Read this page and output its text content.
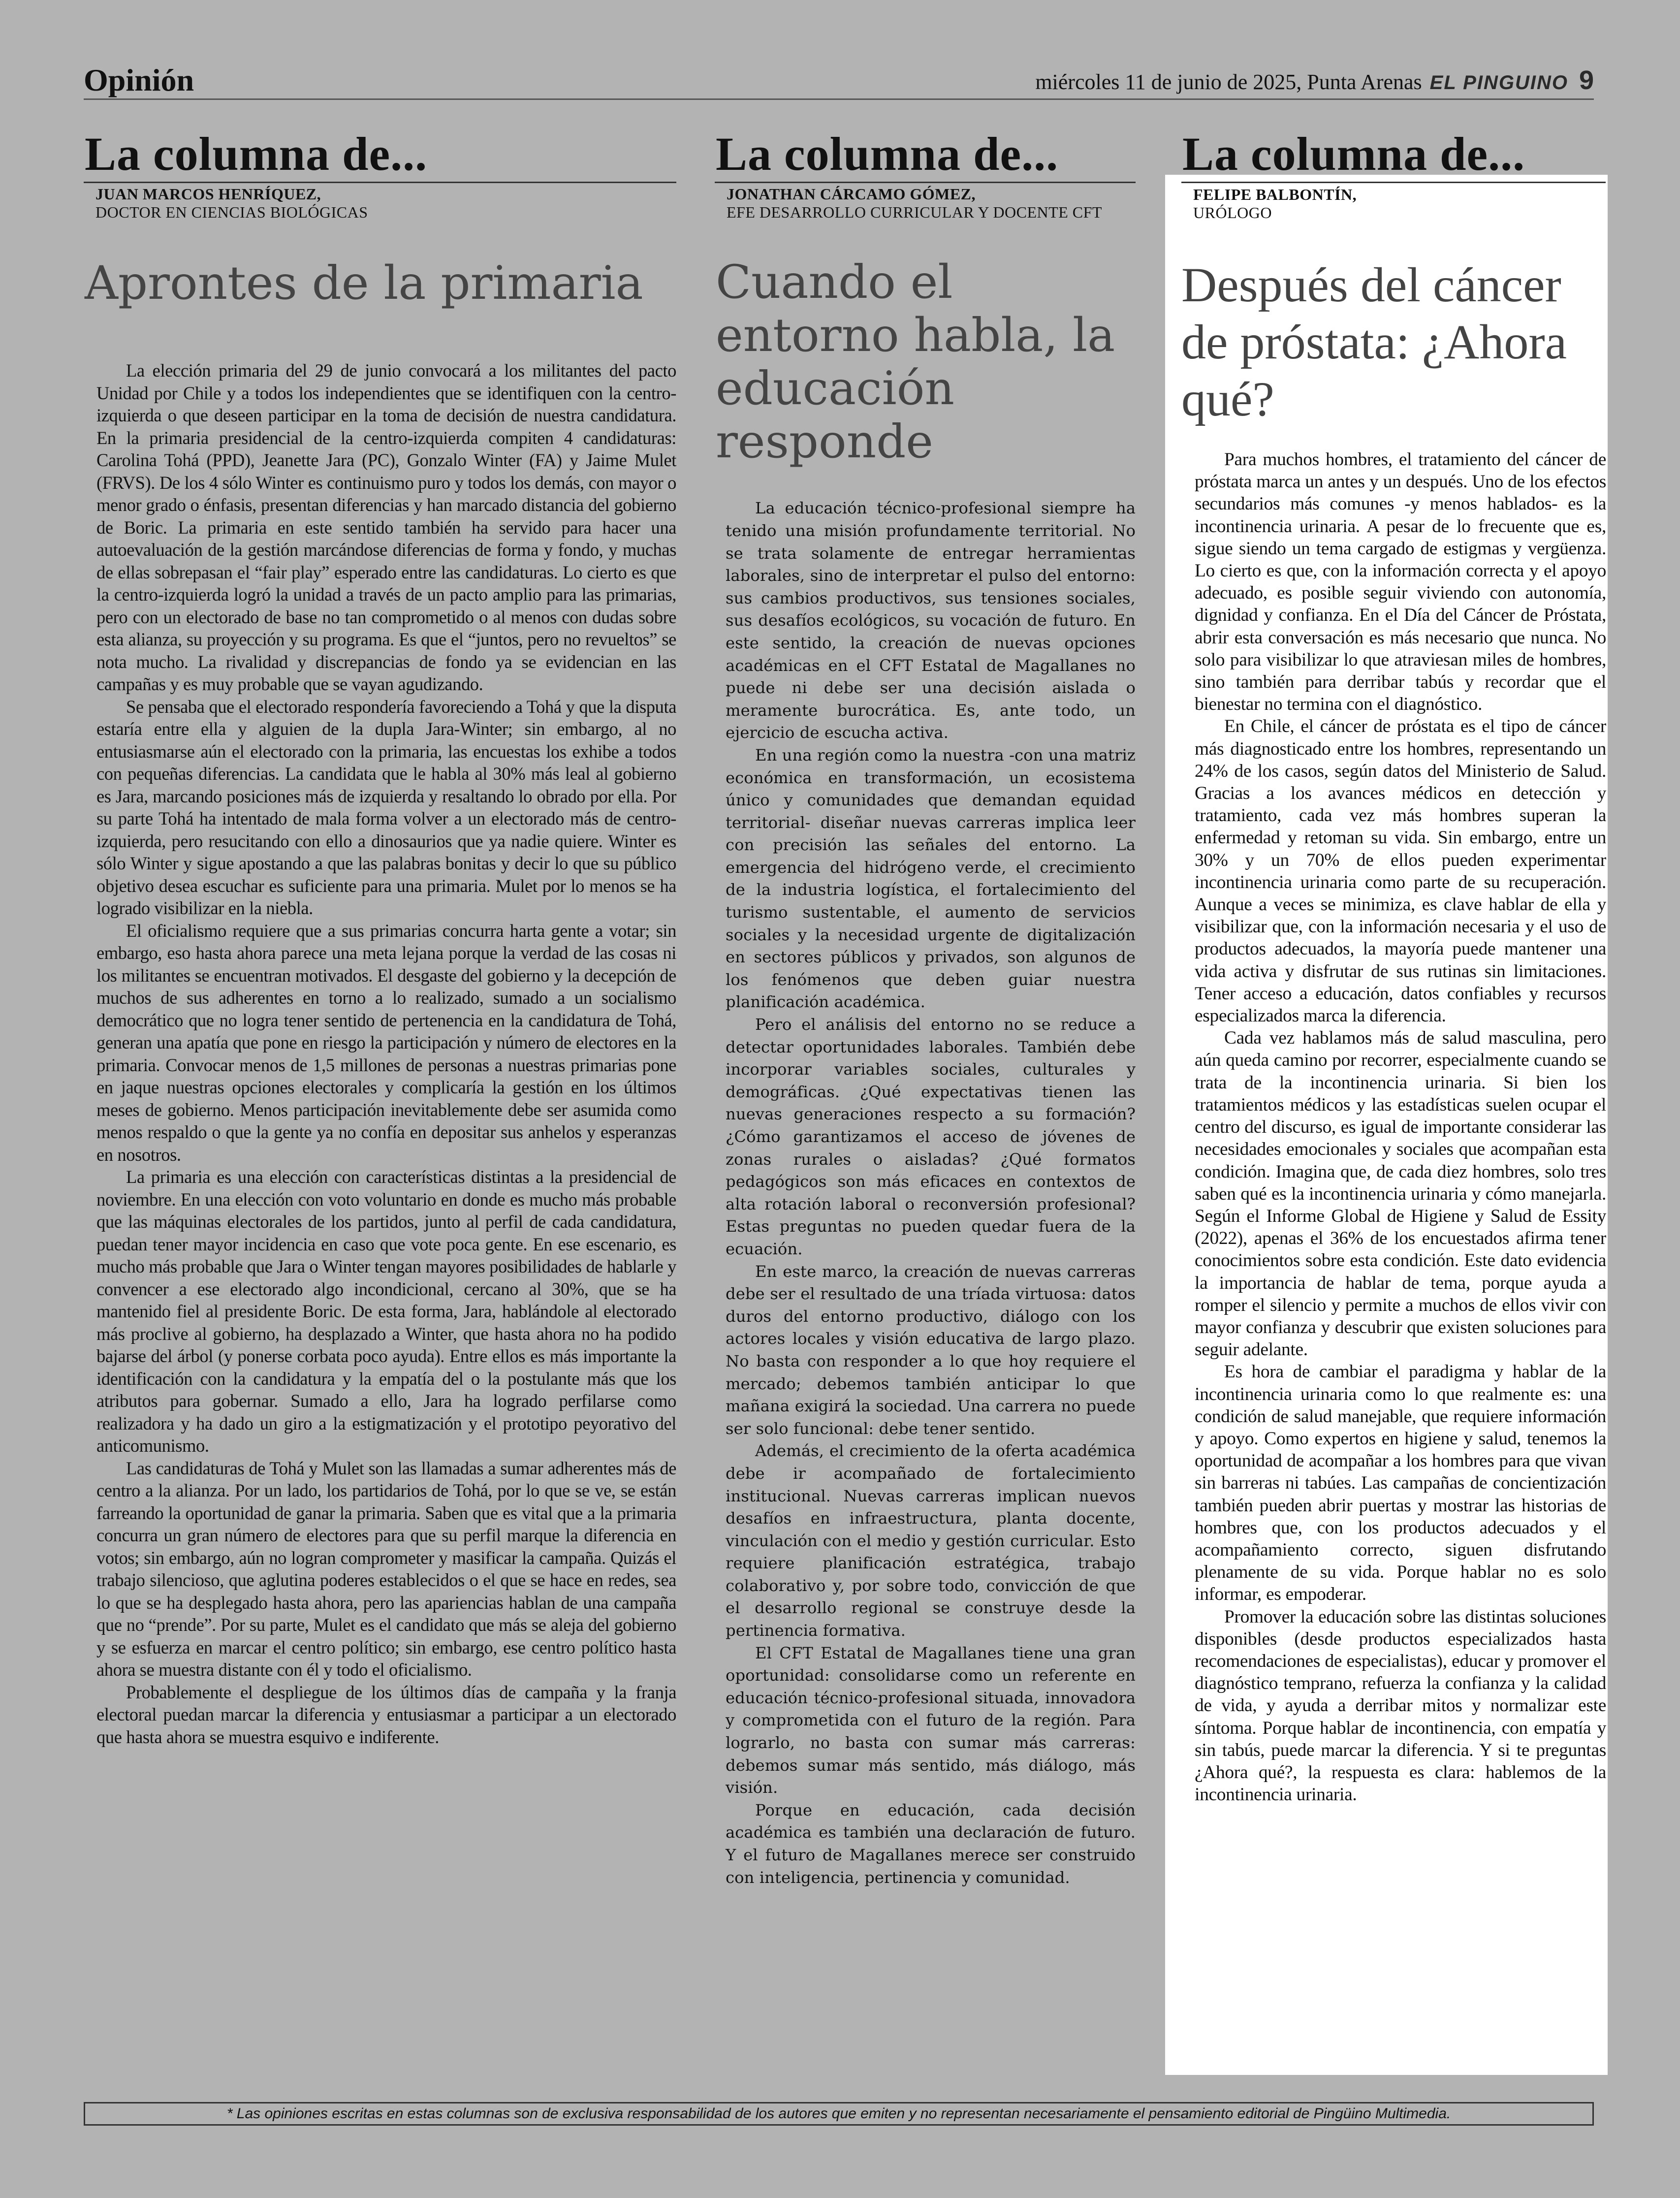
Opinión	miércoles 11 de junio de 2025, Punta Arenas EL PINGUINO 9
La columna de...
JUAN MARCOS HENRÍQUEZ,
DOCTOR EN CIENCIAS BIOLÓGICAS
Aprontes de la primaria

La elección primaria del 29 de junio convocará a los militantes del pacto Unidad por Chile y a todos los independientes que se identifiquen con la centro-izquierda o que deseen participar en la toma de decisión de nuestra candidatura. En la primaria presidencial de la centro-izquierda compiten 4 candidaturas: Carolina Tohá (PPD), Jeanette Jara (PC), Gonzalo Winter (FA) y Jaime Mulet (FRVS). De los 4 sólo Winter es continuismo puro y todos los demás, con mayor o menor grado o énfasis, presentan diferencias y han marcado distancia del gobierno de Boric. La primaria en este sentido también ha servido para hacer una autoevaluación de la gestión marcándose diferencias de forma y fondo, y muchas de ellas sobrepasan el “fair play” esperado entre las candidaturas. Lo cierto es que la centro-izquierda logró la unidad a través de un pacto amplio para las primarias, pero con un electorado de base no tan comprometido o al menos con dudas sobre esta alianza, su proyección y su programa. Es que el “juntos, pero no revueltos” se nota mucho. La rivalidad y discrepancias de fondo ya se evidencian en las campañas y es muy probable que se vayan agudizando.

Se pensaba que el electorado respondería favoreciendo a Tohá y que la disputa estaría entre ella y alguien de la dupla Jara-Winter; sin embargo, al no entusiasmarse aún el electorado con la primaria, las encuestas los exhibe a todos con pequeñas diferencias. La candidata que le habla al 30% más leal al gobierno es Jara, marcando posiciones más de izquierda y resaltando lo obrado por ella. Por su parte Tohá ha intentado de mala forma volver a un electorado más de centro-izquierda, pero resucitando con ello a dinosaurios que ya nadie quiere. Winter es sólo Winter y sigue apostando a que las palabras bonitas y decir lo que su público objetivo desea escuchar es suficiente para una primaria. Mulet por lo menos se ha logrado visibilizar en la niebla.

El oficialismo requiere que a sus primarias concurra harta gente a votar; sin embargo, eso hasta ahora parece una meta lejana porque la verdad de las cosas ni los militantes se encuentran motivados. El desgaste del gobierno y la decepción de muchos de sus adherentes en torno a lo realizado, sumado a un socialismo democrático que no logra tener sentido de pertenencia en la candidatura de Tohá, generan una apatía que pone en riesgo la participación y número de electores en la primaria. Convocar menos de 1,5 millones de personas a nuestras primarias pone en jaque nuestras opciones electorales y complicaría la gestión en los últimos meses de gobierno. Menos participación inevitablemente debe ser asumida como menos respaldo o que la gente ya no confía en depositar sus anhelos y esperanzas en nosotros.

La primaria es una elección con características distintas a la presidencial de noviembre. En una elección con voto voluntario en donde es mucho más probable que las máquinas electorales de los partidos, junto al perfil de cada candidatura, puedan tener mayor incidencia en caso que vote poca gente. En ese escenario, es mucho más probable que Jara o Winter tengan mayores posibilidades de hablarle y convencer a ese electorado algo incondicional, cercano al 30%, que se ha mantenido fiel al presidente Boric. De esta forma, Jara, hablándole al electorado más proclive al gobierno, ha desplazado a Winter, que hasta ahora no ha podido bajarse del árbol (y ponerse corbata poco ayuda). Entre ellos es más importante la identificación con la candidatura y la empatía del o la postulante más que los atributos para gobernar. Sumado a ello, Jara ha logrado perfilarse como realizadora y ha dado un giro a la estigmatización y el prototipo peyorativo del anticomunismo.

Las candidaturas de Tohá y Mulet son las llamadas a sumar adherentes más de centro a la alianza. Por un lado, los partidarios de Tohá, por lo que se ve, se están farreando la oportunidad de ganar la primaria. Saben que es vital que a la primaria concurra un gran número de electores para que su perfil marque la diferencia en votos; sin embargo, aún no logran comprometer y masificar la campaña. Quizás el trabajo silencioso, que aglutina poderes establecidos o el que se hace en redes, sea lo que se ha desplegado hasta ahora, pero las apariencias hablan de una campaña que no “prende”. Por su parte, Mulet es el candidato que más se aleja del gobierno y se esfuerza en marcar el centro político; sin embargo, ese centro político hasta ahora se muestra distante con él y todo el oficialismo.

Probablemente el despliegue de los últimos días de campaña y la franja electoral puedan marcar la diferencia y entusiasmar a participar a un electorado que hasta ahora se muestra esquivo e indiferente.

La columna de...
JONATHAN CÁRCAMO GÓMEZ,
EFE DESARROLLO CURRICULAR Y DOCENTE CFT
Cuando el entorno habla, la educación responde

La educación técnico-profesional siempre ha tenido una misión profundamente territorial. No se trata solamente de entregar herramientas laborales, sino de interpretar el pulso del entorno: sus cambios productivos, sus tensiones sociales, sus desafíos ecológicos, su vocación de futuro. En este sentido, la creación de nuevas opciones académicas en el CFT Estatal de Magallanes no puede ni debe ser una decisión aislada o meramente burocrática. Es, ante todo, un ejercicio de escucha activa.

En una región como la nuestra -con una matriz económica en transformación, un ecosistema único y comunidades que demandan equidad territorial- diseñar nuevas carreras implica leer con precisión las señales del entorno. La emergencia del hidrógeno verde, el crecimiento de la industria logística, el fortalecimiento del turismo sustentable, el aumento de servicios sociales y la necesidad urgente de digitalización en sectores públicos y privados, son algunos de los fenómenos que deben guiar nuestra planificación académica.

Pero el análisis del entorno no se reduce a detectar oportunidades laborales. También debe incorporar variables sociales, culturales y demográficas. ¿Qué expectativas tienen las nuevas generaciones respecto a su formación? ¿Cómo garantizamos el acceso de jóvenes de zonas rurales o aisladas? ¿Qué formatos pedagógicos son más eficaces en contextos de alta rotación laboral o reconversión profesional? Estas preguntas no pueden quedar fuera de la ecuación.

En este marco, la creación de nuevas carreras debe ser el resultado de una tríada virtuosa: datos duros del entorno productivo, diálogo con los actores locales y visión educativa de largo plazo. No basta con responder a lo que hoy requiere el mercado; debemos también anticipar lo que mañana exigirá la sociedad. Una carrera no puede ser solo funcional: debe tener sentido.

Además, el crecimiento de la oferta académica debe ir acompañado de fortalecimiento institucional. Nuevas carreras implican nuevos desafíos en infraestructura, planta docente, vinculación con el medio y gestión curricular. Esto requiere planificación estratégica, trabajo colaborativo y, por sobre todo, convicción de que el desarrollo regional se construye desde la pertinencia formativa.

El CFT Estatal de Magallanes tiene una gran oportunidad: consolidarse como un referente en educación técnico-profesional situada, innovadora y comprometida con el futuro de la región. Para lograrlo, no basta con sumar más carreras: debemos sumar más sentido, más diálogo, más visión.

Porque en educación, cada decisión académica es también una declaración de futuro. Y el futuro de Magallanes merece ser construido con inteligencia, pertinencia y comunidad.

La columna de...
FELIPE BALBONTÍN,
URÓLOGO
Después del cáncer de próstata: ¿Ahora qué?

Para muchos hombres, el tratamiento del cáncer de próstata marca un antes y un después. Uno de los efectos secundarios más comunes -y menos hablados- es la incontinencia urinaria. A pesar de lo frecuente que es, sigue siendo un tema cargado de estigmas y vergüenza. Lo cierto es que, con la información correcta y el apoyo adecuado, es posible seguir viviendo con autonomía, dignidad y confianza. En el Día del Cáncer de Próstata, abrir esta conversación es más necesario que nunca. No solo para visibilizar lo que atraviesan miles de hombres, sino también para derribar tabús y recordar que el bienestar no termina con el diagnóstico.

En Chile, el cáncer de próstata es el tipo de cáncer más diagnosticado entre los hombres, representando un 24% de los casos, según datos del Ministerio de Salud. Gracias a los avances médicos en detección y tratamiento, cada vez más hombres superan la enfermedad y retoman su vida. Sin embargo, entre un 30% y un 70% de ellos pueden experimentar incontinencia urinaria como parte de su recuperación. Aunque a veces se minimiza, es clave hablar de ella y visibilizar que, con la información necesaria y el uso de productos adecuados, la mayoría puede mantener una vida activa y disfrutar de sus rutinas sin limitaciones. Tener acceso a educación, datos confiables y recursos especializados marca la diferencia.

Cada vez hablamos más de salud masculina, pero aún queda camino por recorrer, especialmente cuando se trata de la incontinencia urinaria. Si bien los tratamientos médicos y las estadísticas suelen ocupar el centro del discurso, es igual de importante considerar las necesidades emocionales y sociales que acompañan esta condición. Imagina que, de cada diez hombres, solo tres saben qué es la incontinencia urinaria y cómo manejarla. Según el Informe Global de Higiene y Salud de Essity (2022), apenas el 36% de los encuestados afirma tener conocimientos sobre esta condición. Este dato evidencia la importancia de hablar de tema, porque ayuda a romper el silencio y permite a muchos de ellos vivir con mayor confianza y descubrir que existen soluciones para seguir adelante.

Es hora de cambiar el paradigma y hablar de la incontinencia urinaria como lo que realmente es: una condición de salud manejable, que requiere información y apoyo. Como expertos en higiene y salud, tenemos la oportunidad de acompañar a los hombres para que vivan sin barreras ni tabúes. Las campañas de concientización también pueden abrir puertas y mostrar las historias de hombres que, con los productos adecuados y el acompañamiento correcto, siguen disfrutando plenamente de su vida. Porque hablar no es solo informar, es empoderar.

Promover la educación sobre las distintas soluciones disponibles (desde productos especializados hasta recomendaciones de especialistas), educar y promover el diagnóstico temprano, refuerza la confianza y la calidad de vida, y ayuda a derribar mitos y normalizar este síntoma. Porque hablar de incontinencia, con empatía y sin tabús, puede marcar la diferencia. Y si te preguntas ¿Ahora qué?, la respuesta es clara: hablemos de la incontinencia urinaria.

* Las opiniones escritas en estas columnas son de exclusiva responsabilidad de los autores que emiten y no representan necesariamente el pensamiento editorial de Pingüino Multimedia.
